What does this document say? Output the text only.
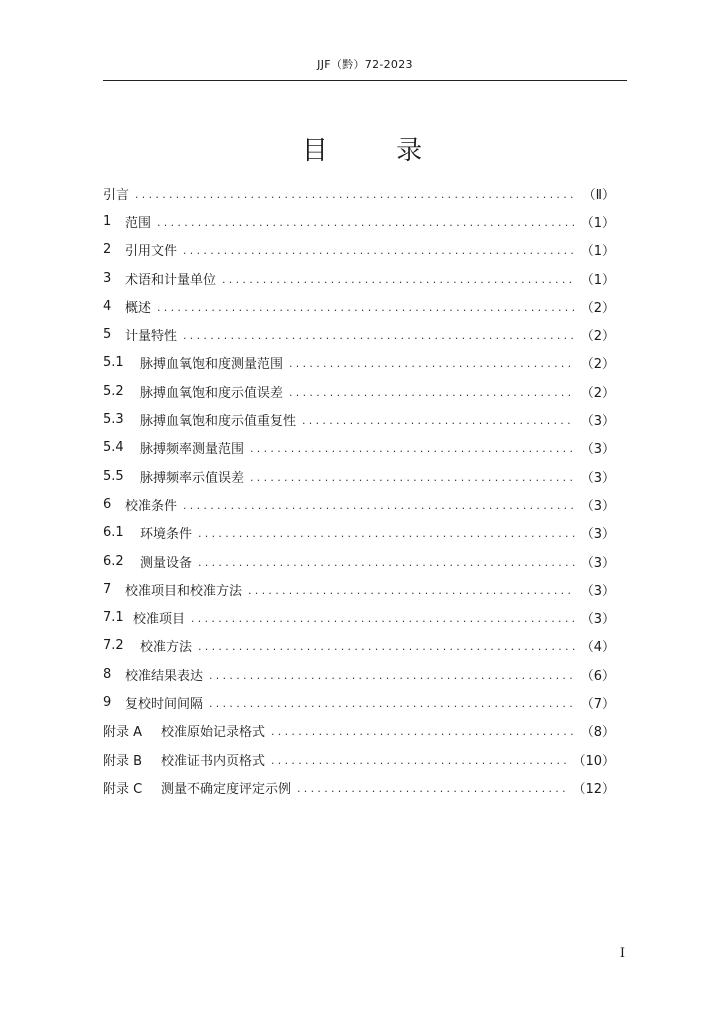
JJF（黔）72-2023
目 录
引言 .....	（Ⅱ）
1	范围 .....	（1）
2	引用文件 .....	（1）
3	术语和计量单位 .....	（1）
4	概述 .....	（2）
5	计量特性 .....	（2）
5.1	脉搏血氧饱和度测量范围 .....	（2）
5.2	脉搏血氧饱和度示值误差 .....	（2）
5.3	脉搏血氧饱和度示值重复性 .....	（3）
5.4	脉搏频率测量范围 .....	（3）
5.5	脉搏频率示值误差 .....	（3）
6	校准条件 .....	（3）
6.1	环境条件 .....	（3）
6.2	测量设备 .....	（3）
7	校准项目和校准方法 .....	（3）
7.1 校准项目 .....	（3）
7.2	校准方法 .....	（4）
8	校准结果表达 .....	（6）
9	复校时间间隔 .....	（7）
附录 A	校准原始记录格式 .....	（8）
附录 B	校准证书内页格式 .....	（10）
附录 C	测量不确定度评定示例 .....	（12）
I
